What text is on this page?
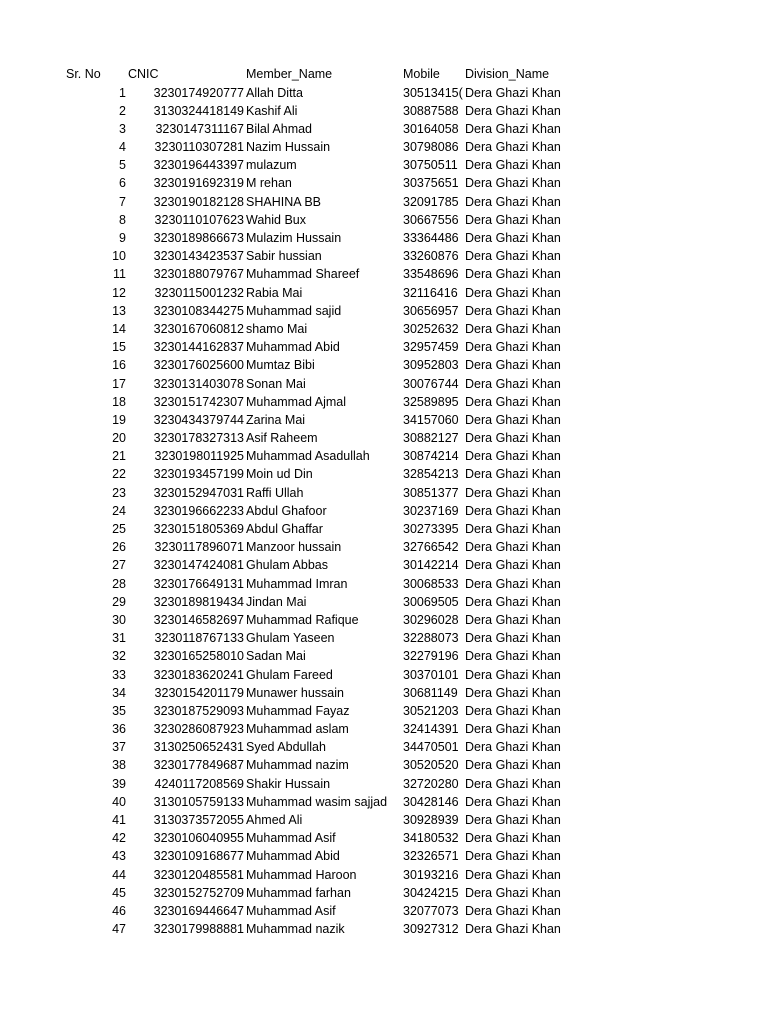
Sr. No	CNIC	Member_Name	Mobile	Division_Name
1	3230174920777 Allah Ditta	30513415( Dera Ghazi Khan
2	3130324418149 Kashif Ali	30887588 Dera Ghazi Khan
3	3230147311167 Bilal Ahmad	30164058 Dera Ghazi Khan
4	3230110307281 Nazim Hussain	30798086 Dera Ghazi Khan
5	3230196443397 mulazum	30750511 Dera Ghazi Khan
6	3230191692319 M rehan	30375651 Dera Ghazi Khan
7	3230190182128 SHAHINA BB	32091785 Dera Ghazi Khan
8	3230110107623 Wahid Bux	30667556 Dera Ghazi Khan
9	3230189866673 Mulazim Hussain	33364486 Dera Ghazi Khan
10	3230143423537 Sabir hussian	33260876 Dera Ghazi Khan
11	3230188079767 Muhammad Shareef	33548696 Dera Ghazi Khan
12	3230115001232 Rabia Mai	32116416 Dera Ghazi Khan
13	3230108344275 Muhammad sajid	30656957 Dera Ghazi Khan
14	3230167060812 shamo Mai	30252632 Dera Ghazi Khan
15	3230144162837 Muhammad Abid	32957459 Dera Ghazi Khan
16	3230176025600 Mumtaz Bibi	30952803 Dera Ghazi Khan
17	3230131403078 Sonan Mai	30076744 Dera Ghazi Khan
18	3230151742307 Muhammad Ajmal	32589895 Dera Ghazi Khan
19	3230434379744 Zarina Mai	34157060 Dera Ghazi Khan
20	3230178327313 Asif Raheem	30882127 Dera Ghazi Khan
21	3230198011925 Muhammad Asadullah	30874214 Dera Ghazi Khan
22	3230193457199 Moin ud Din	32854213 Dera Ghazi Khan
23	3230152947031 Raffi Ullah	30851377 Dera Ghazi Khan
24	3230196662233 Abdul Ghafoor	30237169 Dera Ghazi Khan
25	3230151805369 Abdul Ghaffar	30273395 Dera Ghazi Khan
26	3230117896071 Manzoor hussain	32766542 Dera Ghazi Khan
27	3230147424081 Ghulam Abbas	30142214 Dera Ghazi Khan
28	3230176649131 Muhammad Imran	30068533 Dera Ghazi Khan
29	3230189819434 Jindan Mai	30069505 Dera Ghazi Khan
30	3230146582697 Muhammad Rafique	30296028 Dera Ghazi Khan
31	3230118767133 Ghulam Yaseen	32288073 Dera Ghazi Khan
32	3230165258010 Sadan Mai	32279196 Dera Ghazi Khan
33	3230183620241 Ghulam Fareed	30370101 Dera Ghazi Khan
34	3230154201179 Munawer hussain	30681149 Dera Ghazi Khan
35	3230187529093 Muhammad Fayaz	30521203 Dera Ghazi Khan
36	3230286087923 Muhammad aslam	32414391 Dera Ghazi Khan
37	3130250652431 Syed Abdullah	34470501 Dera Ghazi Khan
38	3230177849687 Muhammad nazim	30520520 Dera Ghazi Khan
39	4240117208569 Shakir Hussain	32720280 Dera Ghazi Khan
40	3130105759133 Muhammad wasim sajjad	30428146 Dera Ghazi Khan
41	3130373572055 Ahmed Ali	30928939 Dera Ghazi Khan
42	3230106040955 Muhammad Asif	34180532 Dera Ghazi Khan
43	3230109168677 Muhammad Abid	32326571 Dera Ghazi Khan
44	3230120485581 Muhammad Haroon	30193216 Dera Ghazi Khan
45	3230152752709 Muhammad farhan	30424215 Dera Ghazi Khan
46	3230169446647 Muhammad Asif	32077073 Dera Ghazi Khan
47	3230179988881 Muhammad nazik	30927312 Dera Ghazi Khan
